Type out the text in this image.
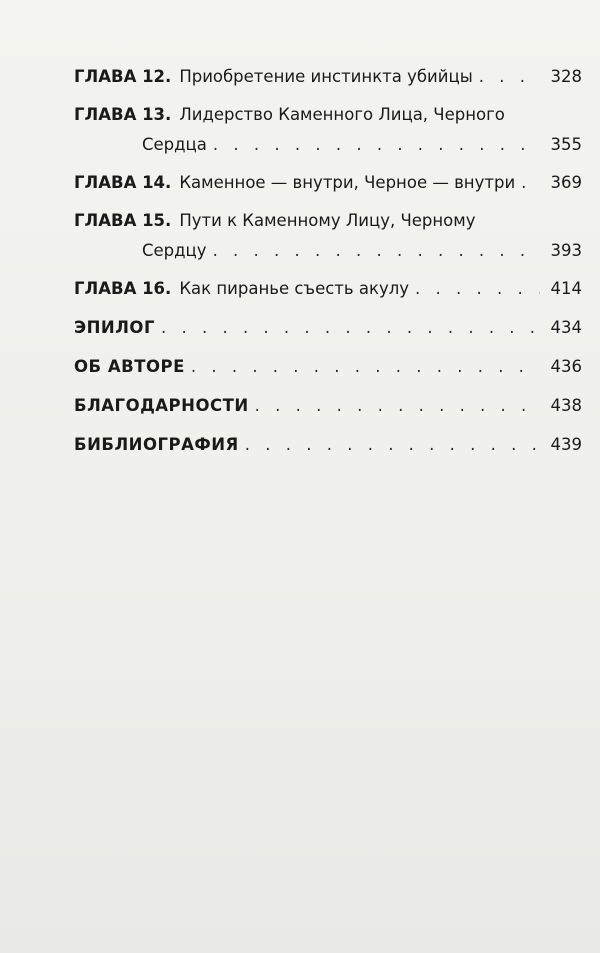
ГЛАВА 12. Приобретение инстинкта убийцы . . .	328
ГЛАВА 13. Лидерство Каменного Лица, Черного
Сердца . . .	355
ГЛАВА 14. Каменное — внутри, Черное — внутри . . . 369
ГЛАВА 15. Пути к Каменному Лицу, Черному
Сердцу . . .	393
ГЛАВА 16. Как пиранье съесть акулу . . .	414
ЭПИЛОГ . . .	434
ОБ АВТОРЕ . . .	436
БЛАГОДАРНОСТИ . . .	438
БИБЛИОГРАФИЯ . . .	439
